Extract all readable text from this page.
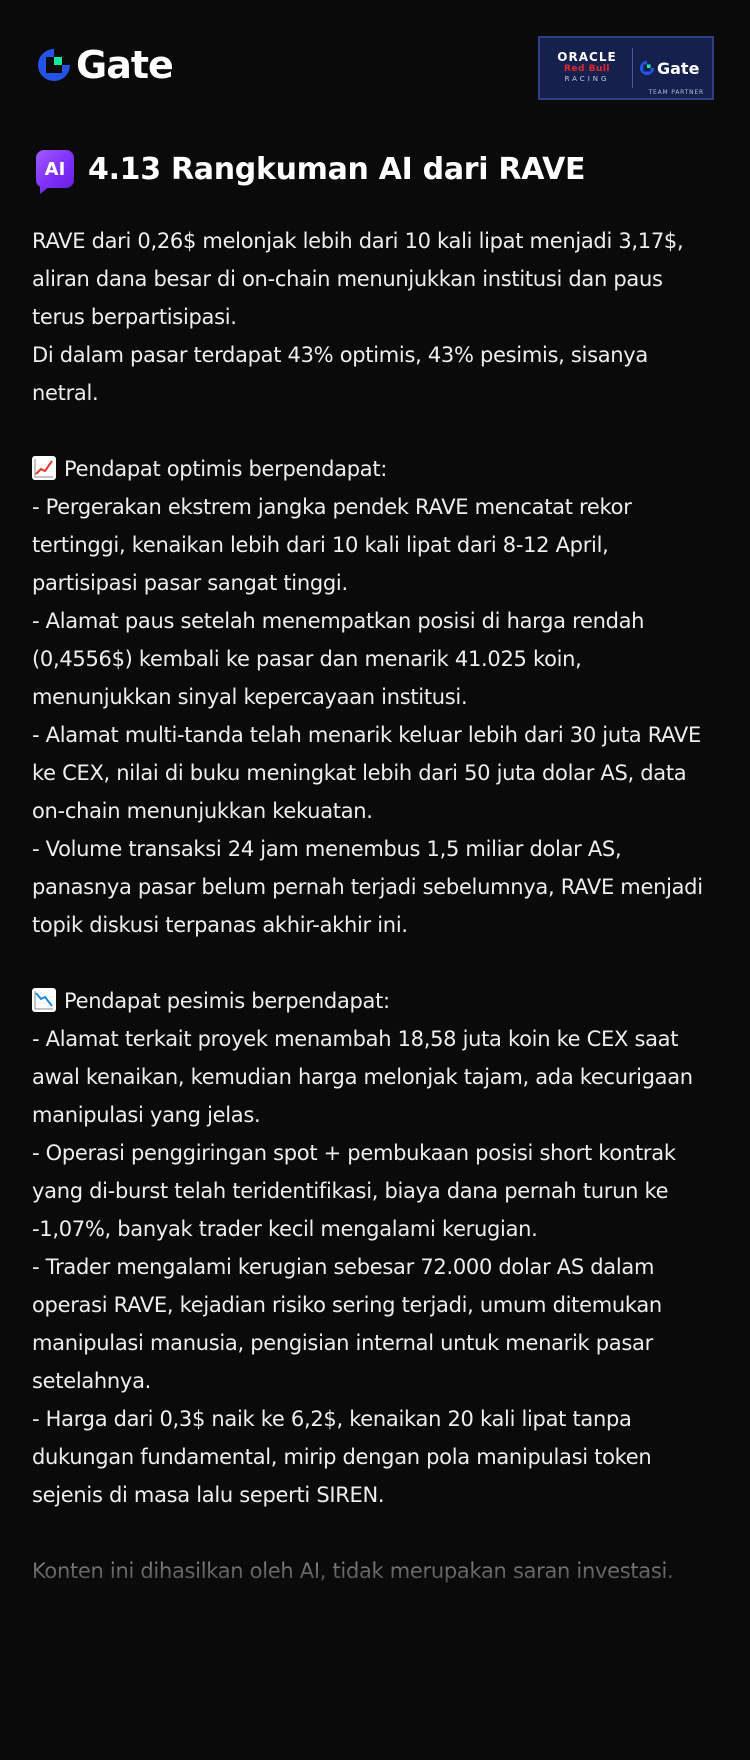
Gate	ORACLE
Red Bull
RACING
Gate
TEAM PARTNER
AI 4.13 Rangkuman AI dari RAVE

RAVE dari 0,26$ melonjak lebih dari 10 kali lipat menjadi 3,17$, aliran dana besar di on-chain menunjukkan institusi dan paus terus berpartisipasi.

Di dalam pasar terdapat 43% optimis, 43% pesimis, sisanya netral.

Pendapat optimis berpendapat:

- Pergerakan ekstrem jangka pendek RAVE mencatat rekor tertinggi, kenaikan lebih dari 10 kali lipat dari 8-12 April, partisipasi pasar sangat tinggi.

- Alamat paus setelah menempatkan posisi di harga rendah (0,4556$) kembali ke pasar dan menarik 41.025 koin, menunjukkan sinyal kepercayaan institusi.

- Alamat multi-tanda telah menarik keluar lebih dari 30 juta RAVE ke CEX, nilai di buku meningkat lebih dari 50 juta dolar AS, data on-chain menunjukkan kekuatan.

- Volume transaksi 24 jam menembus 1,5 miliar dolar AS, panasnya pasar belum pernah terjadi sebelumnya, RAVE menjadi topik diskusi terpanas akhir-akhir ini.

Pendapat pesimis berpendapat:

- Alamat terkait proyek menambah 18,58 juta koin ke CEX saat awal kenaikan, kemudian harga melonjak tajam, ada kecurigaan manipulasi yang jelas.

- Operasi penggiringan spot + pembukaan posisi short kontrak yang di-burst telah teridentifikasi, biaya dana pernah turun ke -1,07%, banyak trader kecil mengalami kerugian.

- Trader mengalami kerugian sebesar 72.000 dolar AS dalam operasi RAVE, kejadian risiko sering terjadi, umum ditemukan manipulasi manusia, pengisian internal untuk menarik pasar setelahnya.

- Harga dari 0,3$ naik ke 6,2$, kenaikan 20 kali lipat tanpa dukungan fundamental, mirip dengan pola manipulasi token sejenis di masa lalu seperti SIREN.

Konten ini dihasilkan oleh AI, tidak merupakan saran investasi.
